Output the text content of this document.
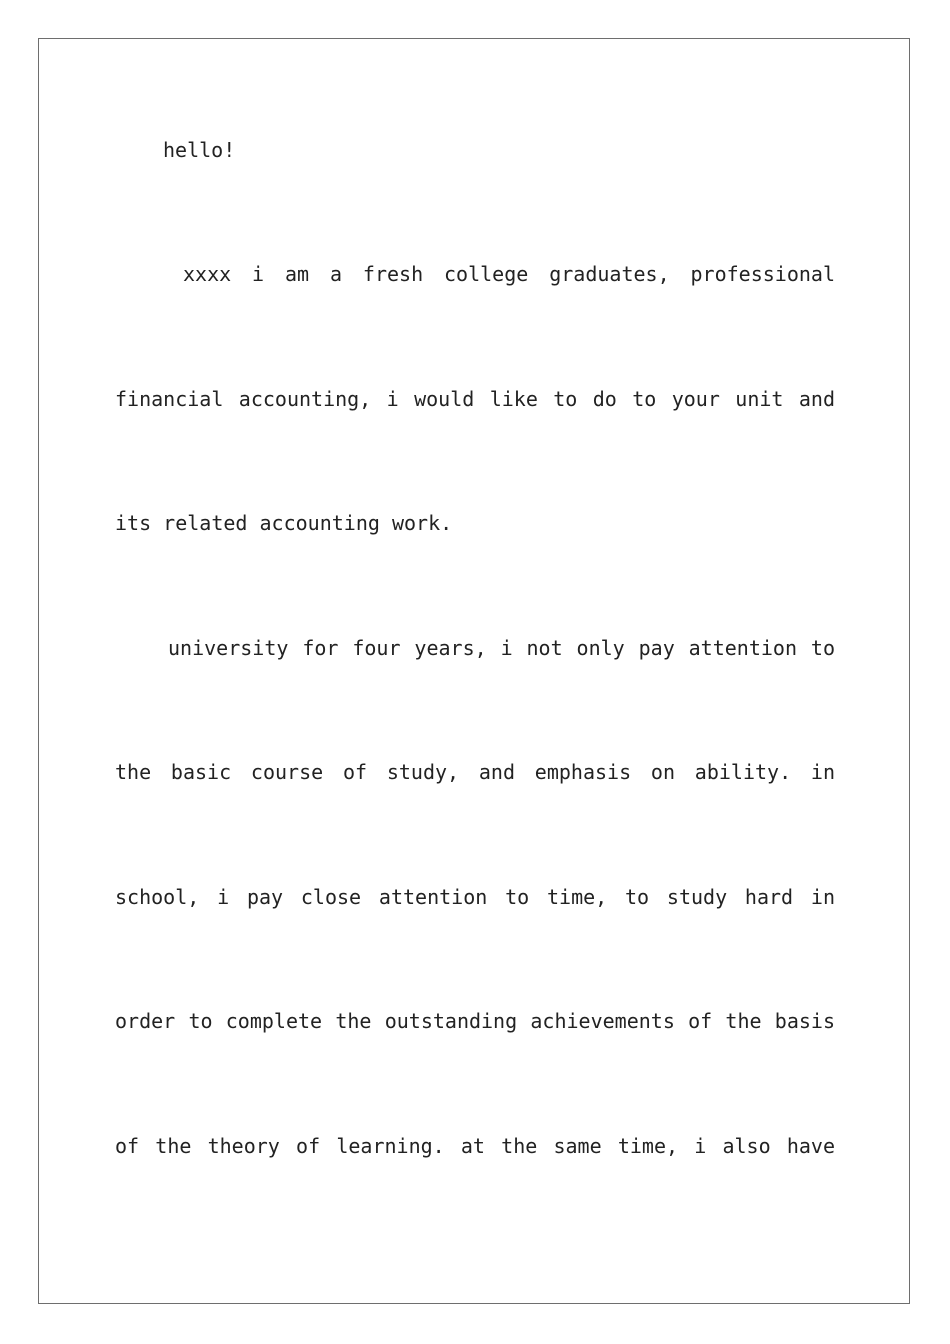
hello!
xxxx i am a fresh college graduates, professional
financial accounting, i would like to do to your unit and
its related accounting work.
university for four years, i not only pay attention to
the basic course of study, and emphasis on ability. in
school, i pay close attention to time, to study hard in
order to complete the outstanding achievements of the basis
of the theory of learning. at the same time, i also have
